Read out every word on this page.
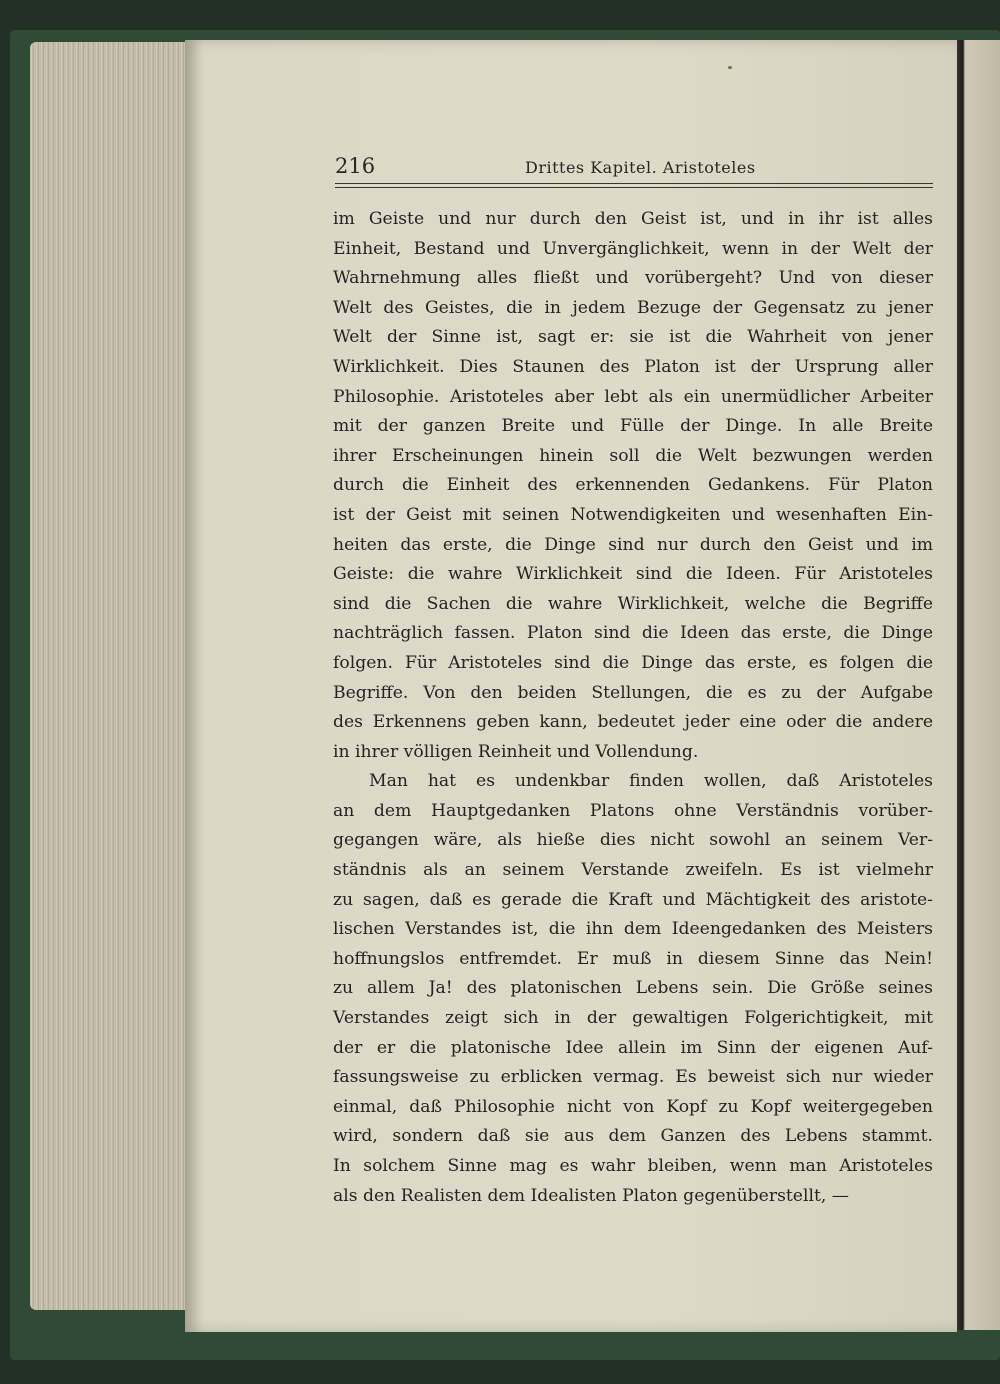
216	Drittes Kapitel. Aristoteles
im Geiste und nur durch den Geist ist, und in ihr ist alles
Einheit, Bestand und Unvergänglichkeit, wenn in der Welt der
Wahrnehmung alles fließt und vorübergeht? Und von dieser
Welt des Geistes, die in jedem Bezuge der Gegensatz zu jener
Welt der Sinne ist, sagt er: sie ist die Wahrheit von jener
Wirklichkeit. Dies Staunen des Platon ist der Ursprung aller
Philosophie. Aristoteles aber lebt als ein unermüdlicher Arbeiter
mit der ganzen Breite und Fülle der Dinge. In alle Breite
ihrer Erscheinungen hinein soll die Welt bezwungen werden
durch die Einheit des erkennenden Gedankens. Für Platon
ist der Geist mit seinen Notwendigkeiten und wesenhaften Ein-
heiten das erste, die Dinge sind nur durch den Geist und im
Geiste: die wahre Wirklichkeit sind die Ideen. Für Aristoteles
sind die Sachen die wahre Wirklichkeit, welche die Begriffe
nachträglich fassen. Platon sind die Ideen das erste, die Dinge
folgen. Für Aristoteles sind die Dinge das erste, es folgen die
Begriffe. Von den beiden Stellungen, die es zu der Aufgabe
des Erkennens geben kann, bedeutet jeder eine oder die andere
in ihrer völligen Reinheit und Vollendung.
Man hat es undenkbar finden wollen, daß Aristoteles
an dem Hauptgedanken Platons ohne Verständnis vorüber-
gegangen wäre, als hieße dies nicht sowohl an seinem Ver-
ständnis als an seinem Verstande zweifeln. Es ist vielmehr
zu sagen, daß es gerade die Kraft und Mächtigkeit des aristote-
lischen Verstandes ist, die ihn dem Ideengedanken des Meisters
hoffnungslos entfremdet. Er muß in diesem Sinne das Nein!
zu allem Ja! des platonischen Lebens sein. Die Größe seines
Verstandes zeigt sich in der gewaltigen Folgerichtigkeit, mit
der er die platonische Idee allein im Sinn der eigenen Auf-
fassungsweise zu erblicken vermag. Es beweist sich nur wieder
einmal, daß Philosophie nicht von Kopf zu Kopf weitergegeben
wird, sondern daß sie aus dem Ganzen des Lebens stammt.
In solchem Sinne mag es wahr bleiben, wenn man Aristoteles
als den Realisten dem Idealisten Platon gegenüberstellt, —
